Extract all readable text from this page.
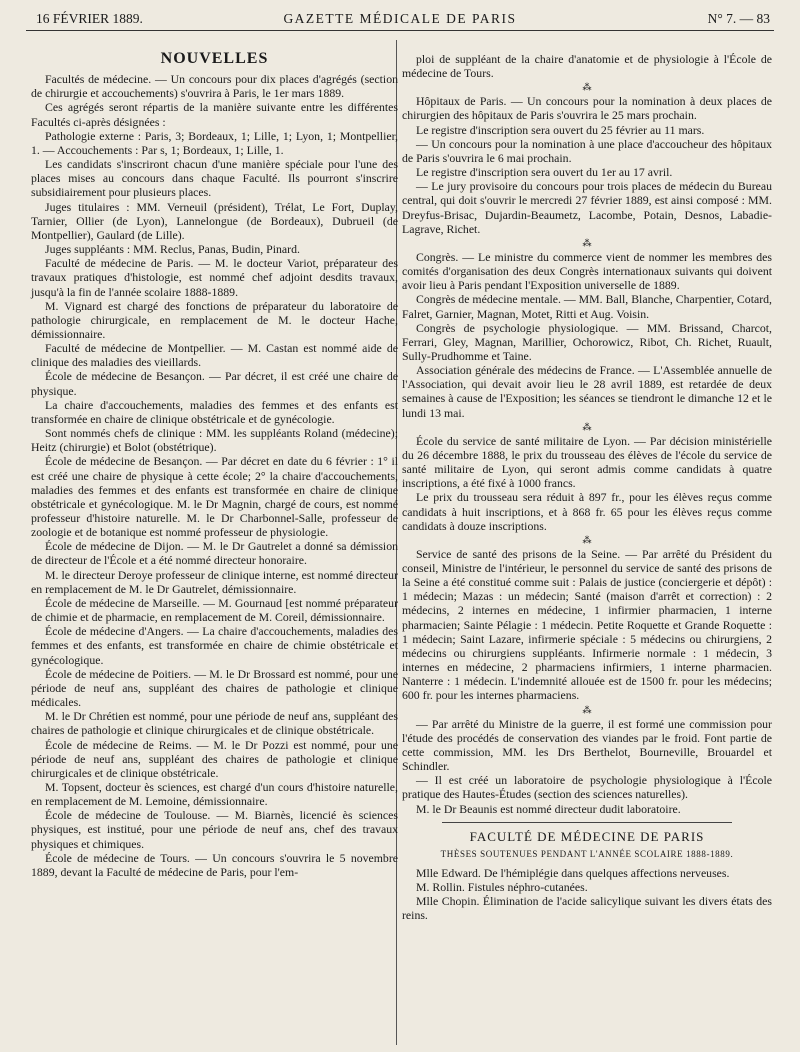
16 FÉVRIER 1889.	GAZETTE MÉDICALE DE PARIS	N° 7. — 83
NOUVELLES

Facultés de médecine. — Un concours pour dix places d'agrégés (section de chirurgie et accouchements) s'ouvrira à Paris, le 1er mars 1889.

Ces agrégés seront répartis de la manière suivante entre les différentes Facultés ci-après désignées :

Pathologie externe : Paris, 3; Bordeaux, 1; Lille, 1; Lyon, 1; Montpellier, 1. — Accouchements : Par s, 1; Bordeaux, 1; Lille, 1.

Les candidats s'inscriront chacun d'une manière spéciale pour l'une des places mises au concours dans chaque Faculté. Ils pourront s'inscrire subsidiairement pour plusieurs places.

Juges titulaires : MM. Verneuil (président), Trélat, Le Fort, Duplay, Tarnier, Ollier (de Lyon), Lannelongue (de Bordeaux), Dubrueil (de Montpellier), Gaulard (de Lille).

Juges suppléants : MM. Reclus, Panas, Budin, Pinard.

Faculté de médecine de Paris. — M. le docteur Variot, préparateur des travaux pratiques d'histologie, est nommé chef adjoint desdits travaux, jusqu'à la fin de l'année scolaire 1888-1889.

M. Vignard est chargé des fonctions de préparateur du laboratoire de pathologie chirurgicale, en remplacement de M. le docteur Hache, démissionnaire.

Faculté de médecine de Montpellier. — M. Castan est nommé aide de clinique des maladies des vieillards.

École de médecine de Besançon. — Par décret, il est créé une chaire de physique.

La chaire d'accouchements, maladies des femmes et des enfants est transformée en chaire de clinique obstétricale et de gynécologie.

Sont nommés chefs de clinique : MM. les suppléants Roland (médecine); Heitz (chirurgie) et Bolot (obstétrique).

École de médecine de Besançon. — Par décret en date du 6 février : 1° il est créé une chaire de physique à cette école; 2° la chaire d'accouchements, maladies des femmes et des enfants est transformée en chaire de clinique obstétricale et gynécologique. M. le Dr Magnin, chargé de cours, est nommé professeur d'histoire naturelle. M. le Dr Charbonnel-Salle, professeur de zoologie et de botanique est nommé professeur de physiologie.

École de médecine de Dijon. — M. le Dr Gautrelet a donné sa démission de directeur de l'École et a été nommé directeur honoraire.

M. le directeur Deroye professeur de clinique interne, est nommé directeur en remplacement de M. le Dr Gautrelet, démissionnaire.

École de médecine de Marseille. — M. Gournaud [est nommé préparateur de chimie et de pharmacie, en remplacement de M. Coreil, démissionnaire.

École de médecine d'Angers. — La chaire d'accouchements, maladies des femmes et des enfants, est transformée en chaire de chimie obstétricale et gynécologique.

École de médecine de Poitiers. — M. le Dr Brossard est nommé, pour une période de neuf ans, suppléant des chaires de pathologie et clinique médicales.

M. le Dr Chrétien est nommé, pour une période de neuf ans, suppléant des chaires de pathologie et clinique chirurgicales et de clinique obstétricale.

École de médecine de Reims. — M. le Dr Pozzi est nommé, pour une période de neuf ans, suppléant des chaires de pathologie et clinique chirurgicales et de clinique obstétricale.

M. Topsent, docteur ès sciences, est chargé d'un cours d'histoire naturelle, en remplacement de M. Lemoine, démissionnaire.

École de médecine de Toulouse. — M. Biarnès, licencié ès sciences physiques, est institué, pour une période de neuf ans, chef des travaux physiques et chimiques.

École de médecine de Tours. — Un concours s'ouvrira le 5 novembre 1889, devant la Faculté de médecine de Paris, pour l'em-

ploi de suppléant de la chaire d'anatomie et de physiologie à l'École de médecine de Tours.

⁂

Hôpitaux de Paris. — Un concours pour la nomination à deux places de chirurgien des hôpitaux de Paris s'ouvrira le 25 mars prochain.

Le registre d'inscription sera ouvert du 25 février au 11 mars.

— Un concours pour la nomination à une place d'accoucheur des hôpitaux de Paris s'ouvrira le 6 mai prochain.

Le registre d'inscription sera ouvert du 1er au 17 avril.

— Le jury provisoire du concours pour trois places de médecin du Bureau central, qui doit s'ouvrir le mercredi 27 février 1889, est ainsi composé : MM. Dreyfus-Brisac, Dujardin-Beaumetz, Lacombe, Potain, Desnos, Labadie-Lagrave, Richet.

⁂

Congrès. — Le ministre du commerce vient de nommer les membres des comités d'organisation des deux Congrès internationaux suivants qui doivent avoir lieu à Paris pendant l'Exposition universelle de 1889.

Congrès de médecine mentale. — MM. Ball, Blanche, Charpentier, Cotard, Falret, Garnier, Magnan, Motet, Ritti et Aug. Voisin.

Congrès de psychologie physiologique. — MM. Brissand, Charcot, Ferrari, Gley, Magnan, Marillier, Ochorowicz, Ribot, Ch. Richet, Ruault, Sully-Prudhomme et Taine.

Association générale des médecins de France. — L'Assemblée annuelle de l'Association, qui devait avoir lieu le 28 avril 1889, est retardée de deux semaines à cause de l'Exposition; les séances se tiendront le dimanche 12 et le lundi 13 mai.

⁂

École du service de santé militaire de Lyon. — Par décision ministérielle du 26 décembre 1888, le prix du trousseau des élèves de l'école du service de santé militaire de Lyon, qui seront admis comme candidats à quatre inscriptions, a été fixé à 1000 francs.

Le prix du trousseau sera réduit à 897 fr., pour les élèves reçus comme candidats à huit inscriptions, et à 868 fr. 65 pour les élèves reçus comme candidats à douze inscriptions.

⁂

Service de santé des prisons de la Seine. — Par arrêté du Président du conseil, Ministre de l'intérieur, le personnel du service de santé des prisons de la Seine a été constitué comme suit : Palais de justice (conciergerie et dépôt) : 1 médecin; Mazas : un médecin; Santé (maison d'arrêt et correction) : 2 médecins, 2 internes en médecine, 1 infirmier pharmacien, 1 interne pharmacien; Sainte Pélagie : 1 médecin. Petite Roquette et Grande Roquette : 1 médecin; Saint Lazare, infirmerie spéciale : 5 médecins ou chirurgiens, 2 médecins ou chirurgiens suppléants. Infirmerie normale : 1 médecin, 3 internes en médecine, 2 pharmaciens infirmiers, 1 interne pharmacien. Nanterre : 1 médecin. L'indemnité allouée est de 1500 fr. pour les médecins; 600 fr. pour les internes pharmaciens.

⁂

— Par arrêté du Ministre de la guerre, il est formé une commission pour l'étude des procédés de conservation des viandes par le froid. Font partie de cette commission, MM. les Drs Berthelot, Bourneville, Brouardel et Schindler.

— Il est créé un laboratoire de psychologie physiologique à l'École pratique des Hautes-Études (section des sciences naturelles).

M. le Dr Beaunis est nommé directeur dudit laboratoire.

FACULTÉ DE MÉDECINE DE PARIS
THÈSES SOUTENUES PENDANT L'ANNÉE SCOLAIRE 1888-1889.

Mlle Edward. De l'hémiplégie dans quelques affections nerveuses.

M. Rollin. Fistules néphro-cutanées.

Mlle Chopin. Élimination de l'acide salicylique suivant les divers états des reins.
